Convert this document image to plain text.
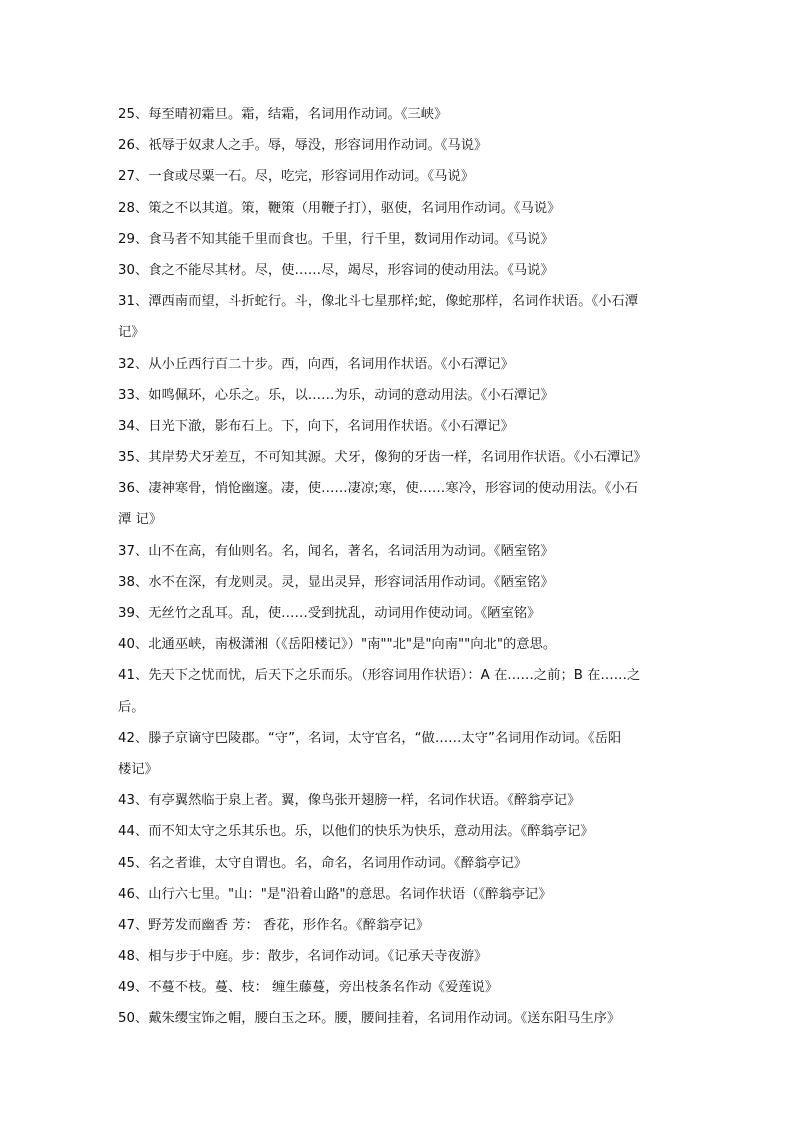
25、每至晴初霜旦。霜，结霜，名词用作动词。《三峡》
26、祇辱于奴隶人之手。辱，辱没，形容词用作动词。《马说》
27、一食或尽粟一石。尽，吃完，形容词用作动词。《马说》
28、策之不以其道。策，鞭策（用鞭子打），驱使，名词用作动词。《马说》
29、食马者不知其能千里而食也。千里，行千里，数词用作动词。《马说》
30、食之不能尽其材。尽，使……尽，竭尽，形容词的使动用法。《马说》
31、潭西南而望，斗折蛇行。斗，像北斗七星那样;蛇，像蛇那样，名词作状语。《小石潭
记》
32、从小丘西行百二十步。西，向西，名词用作状语。《小石潭记》
33、如鸣佩环，心乐之。乐，以……为乐，动词的意动用法。《小石潭记》
34、日光下澈，影布石上。下，向下，名词用作状语。《小石潭记》
35、其岸势犬牙差互，不可知其源。犬牙，像狗的牙齿一样，名词用作状语。《小石潭记》
36、凄神寒骨，悄怆幽邃。凄，使……凄凉;寒，使……寒冷，形容词的使动用法。《小石
潭 记》
37、山不在高，有仙则名。名，闻名，著名，名词活用为动词。《陋室铭》
38、水不在深，有龙则灵。灵，显出灵异，形容词活用作动词。《陋室铭》
39、无丝竹之乱耳。乱，使……受到扰乱，动词用作使动词。《陋室铭》
40、北通巫峡，南极潇湘（《岳阳楼记》）"南""北"是"向南""向北"的意思。
41、先天下之忧而忧，后天下之乐而乐。（形容词用作状语）：A 在……之前；B 在……之
后。
42、滕子京谪守巴陵郡。“守”，名词，太守官名，“做……太守”名词用作动词。《岳阳
楼记》
43、有亭翼然临于泉上者。翼，像鸟张开翅膀一样，名词作状语。《醉翁亭记》
44、而不知太守之乐其乐也。乐，以他们的快乐为快乐，意动用法。《醉翁亭记》
45、名之者谁，太守自谓也。名，命名，名词用作动词。《醉翁亭记》
46、山行六七里。"山："是"沿着山路"的意思。名词作状语（《醉翁亭记》
47、野芳发而幽香 芳： 香花，形作名。《醉翁亭记》
48、相与步于中庭。步：散步，名词作动词。《记承天寺夜游》
49、不蔓不枝。蔓、枝： 缠生藤蔓，旁出枝条名作动《爱莲说》
50、戴朱缨宝饰之帽，腰白玉之环。腰，腰间挂着，名词用作动词。《送东阳马生序》
